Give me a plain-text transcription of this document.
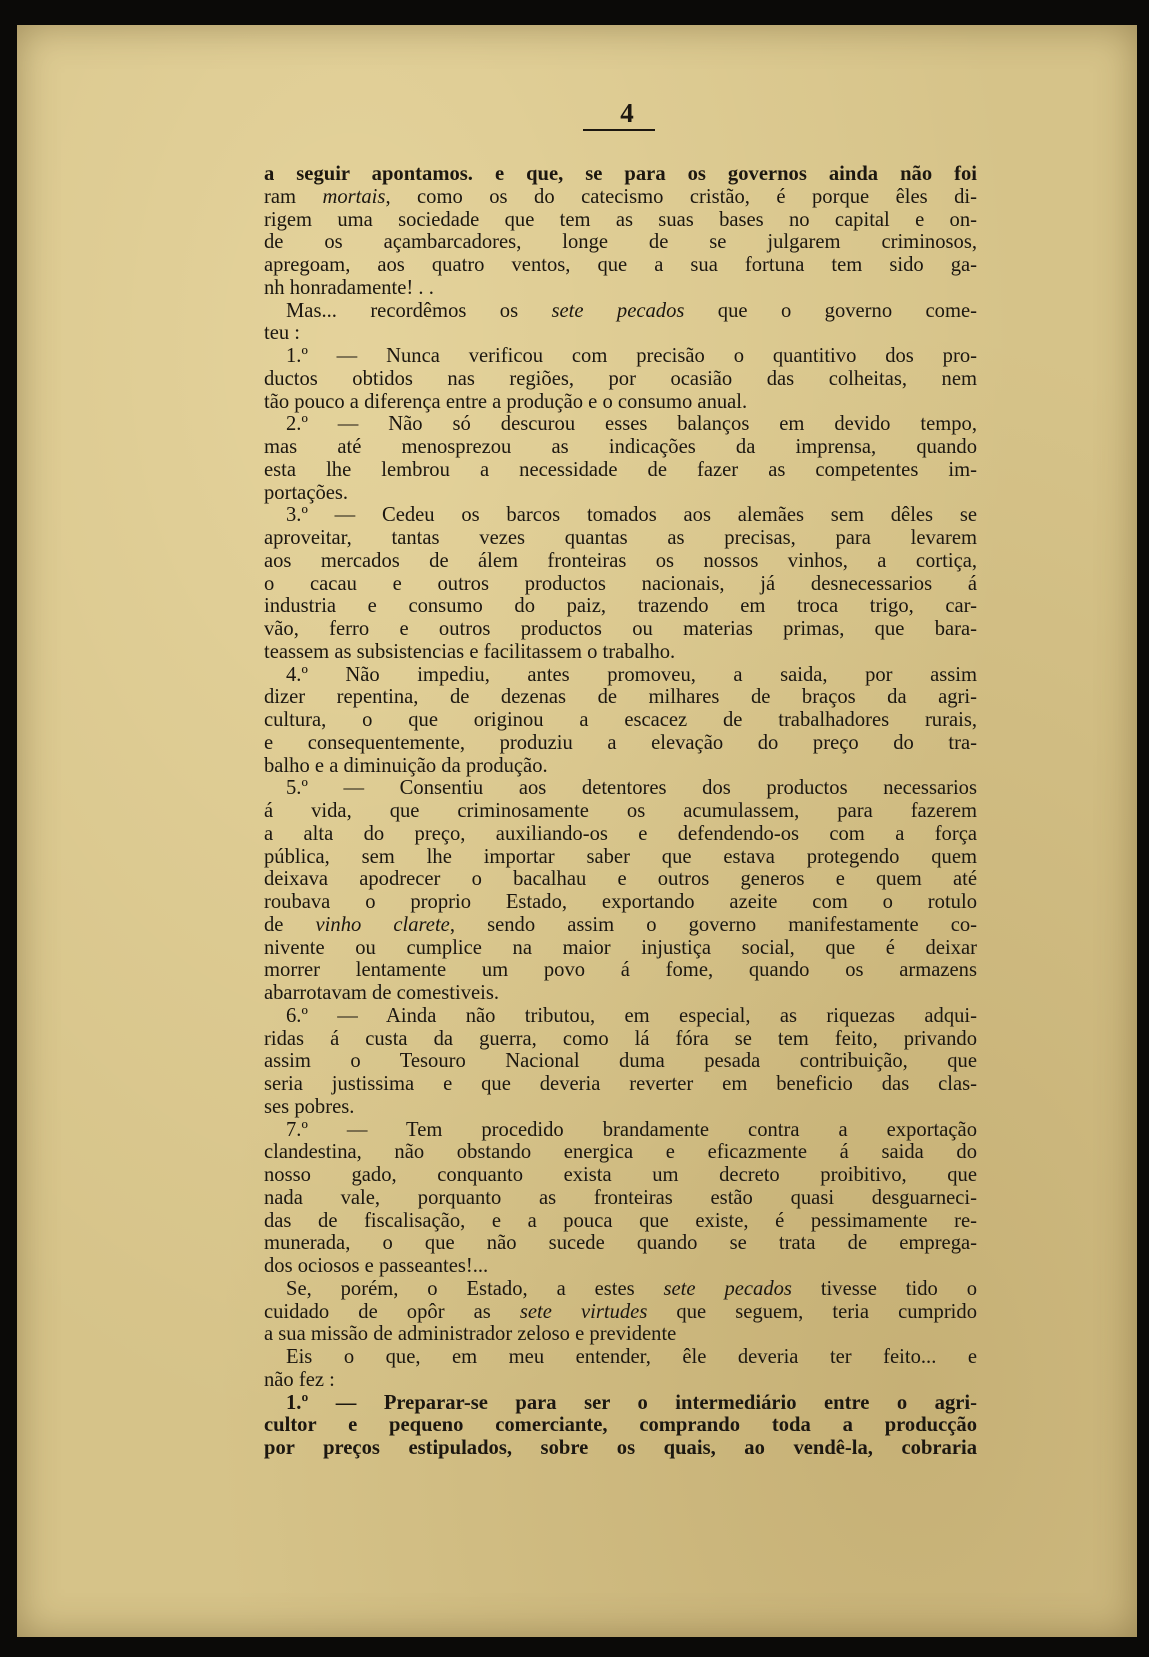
4
a seguir apontamos. e que, se para os governos ainda não foi
ram mortais, como os do catecismo cristão, é porque êles di-
rigem uma sociedade que tem as suas bases no capital e on-
de os açambarcadores, longe de se julgarem criminosos,
apregoam, aos quatro ventos, que a sua fortuna tem sido ga-
nh honradamente! . .
Mas... recordêmos os sete pecados que o governo come-
teu :
1.º — Nunca verificou com precisão o quantitivo dos pro-
ductos obtidos nas regiões, por ocasião das colheitas, nem
tão pouco a diferença entre a produção e o consumo anual.
2.º — Não só descurou esses balanços em devido tempo,
mas até menosprezou as indicações da imprensa, quando
esta lhe lembrou a necessidade de fazer as competentes im-
portações.
3.º — Cedeu os barcos tomados aos alemães sem dêles se
aproveitar, tantas vezes quantas as precisas, para levarem
aos mercados de álem fronteiras os nossos vinhos, a cortiça,
o cacau e outros productos nacionais, já desnecessarios á
industria e consumo do paiz, trazendo em troca trigo, car-
vão, ferro e outros productos ou materias primas, que bara-
teassem as subsistencias e facilitassem o trabalho.
4.º Não impediu, antes promoveu, a saida, por assim
dizer repentina, de dezenas de milhares de braços da agri-
cultura, o que originou a escacez de trabalhadores rurais,
e consequentemente, produziu a elevação do preço do tra-
balho e a diminuição da produção.
5.º — Consentiu aos detentores dos productos necessarios
á vida, que criminosamente os acumulassem, para fazerem
a alta do preço, auxiliando-os e defendendo-os com a força
pública, sem lhe importar saber que estava protegendo quem
deixava apodrecer o bacalhau e outros generos e quem até
roubava o proprio Estado, exportando azeite com o rotulo
de vinho clarete, sendo assim o governo manifestamente co-
nivente ou cumplice na maior injustiça social, que é deixar
morrer lentamente um povo á fome, quando os armazens
abarrotavam de comestiveis.
6.º — Ainda não tributou, em especial, as riquezas adqui-
ridas á custa da guerra, como lá fóra se tem feito, privando
assim o Tesouro Nacional duma pesada contribuição, que
seria justissima e que deveria reverter em beneficio das clas-
ses pobres.
7.º — Tem procedido brandamente contra a exportação
clandestina, não obstando energica e eficazmente á saida do
nosso gado, conquanto exista um decreto proibitivo, que
nada vale, porquanto as fronteiras estão quasi desguarneci-
das de fiscalisação, e a pouca que existe, é pessimamente re-
munerada, o que não sucede quando se trata de emprega-
dos ociosos e passeantes!...
Se, porém, o Estado, a estes sete pecados tivesse tido o
cuidado de opôr as sete virtudes que seguem, teria cumprido
a sua missão de administrador zeloso e previdente
Eis o que, em meu entender, êle deveria ter feito... e
não fez :
1.º — Preparar-se para ser o intermediário entre o agri-
cultor e pequeno comerciante, comprando toda a producção
por preços estipulados, sobre os quais, ao vendê-la, cobraria
